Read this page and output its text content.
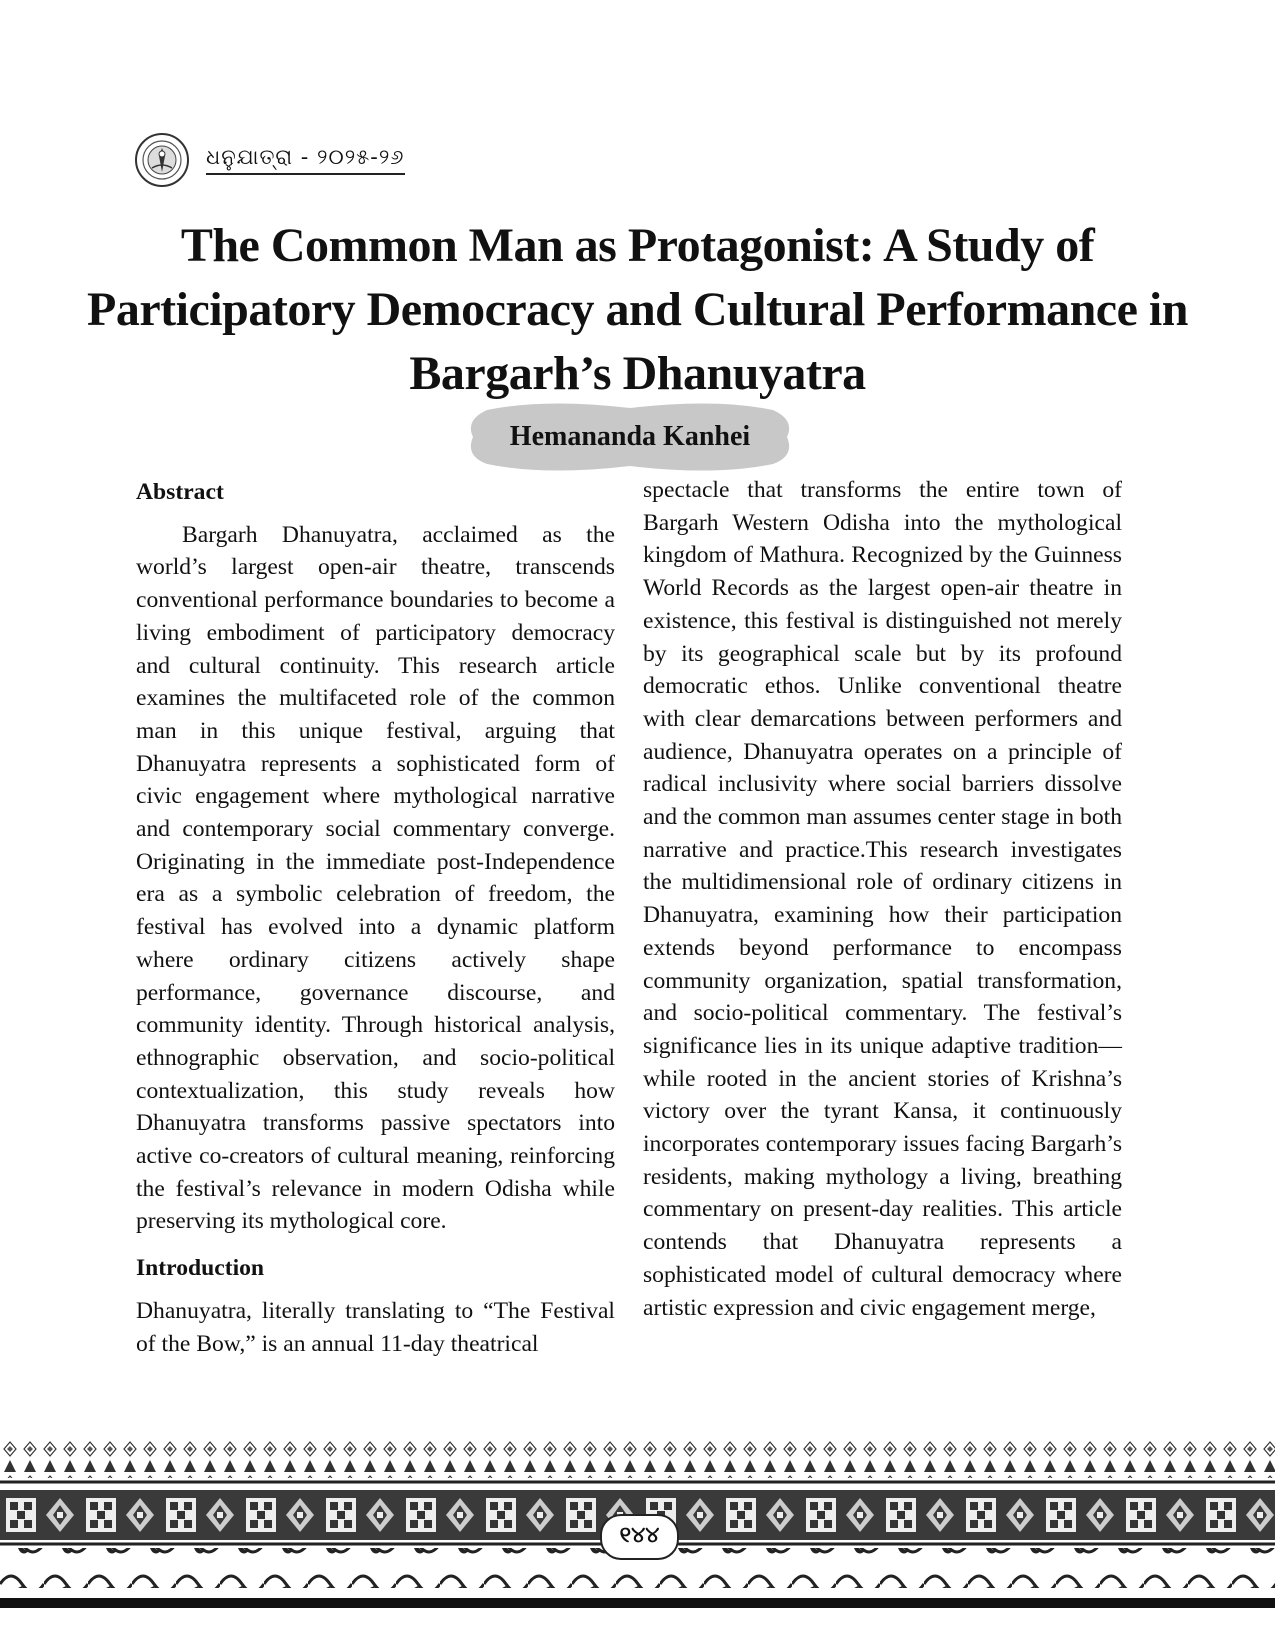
ଧନୁଯାତ୍ରା - ୨୦୨୫-୨୬
The Common Man as Protagonist: A Study of Participatory Democracy and Cultural Performance in Bargarh’s Dhanuyatra
Hemananda Kanhei
Abstract

Bargarh Dhanuyatra, acclaimed as the world’s largest open-air theatre, transcends conventional performance boundaries to become a living embodiment of participatory democracy and cultural continuity. This research article examines the multifaceted role of the common man in this unique festival, arguing that Dhanuyatra represents a sophisticated form of civic engagement where mythological narrative and contemporary social commentary converge. Originating in the immediate post-Independence era as a symbolic celebration of freedom, the festival has evolved into a dynamic platform where ordinary citizens actively shape performance, governance discourse, and community identity. Through historical analysis, ethnographic observation, and socio-political contextualization, this study reveals how Dhanuyatra transforms passive spectators into active co-creators of cultural meaning, reinforcing the festival’s relevance in modern Odisha while preserving its mythological core.

Introduction

Dhanuyatra, literally translating to “The Festival of the Bow,” is an annual 11-day theatrical

spectacle that transforms the entire town of Bargarh Western Odisha into the mythological kingdom of Mathura. Recognized by the Guinness World Records as the largest open-air theatre in existence, this festival is distinguished not merely by its geographical scale but by its profound democratic ethos. Unlike conventional theatre with clear demarcations between performers and audience, Dhanuyatra operates on a principle of radical inclusivity where social barriers dissolve and the common man assumes center stage in both narrative and practice.This research investigates the multidimensional role of ordinary citizens in Dhanuyatra, examining how their participation extends beyond performance to encompass community organization, spatial transformation, and socio-political commentary. The festival’s significance lies in its unique adaptive tradition—while rooted in the ancient stories of Krishna’s victory over the tyrant Kansa, it continuously incorporates contemporary issues facing Bargarh’s residents, making mythology a living, breathing commentary on present-day realities. This article contends that Dhanuyatra represents a sophisticated model of cultural democracy where artistic expression and civic engagement merge,

୧୪୪
